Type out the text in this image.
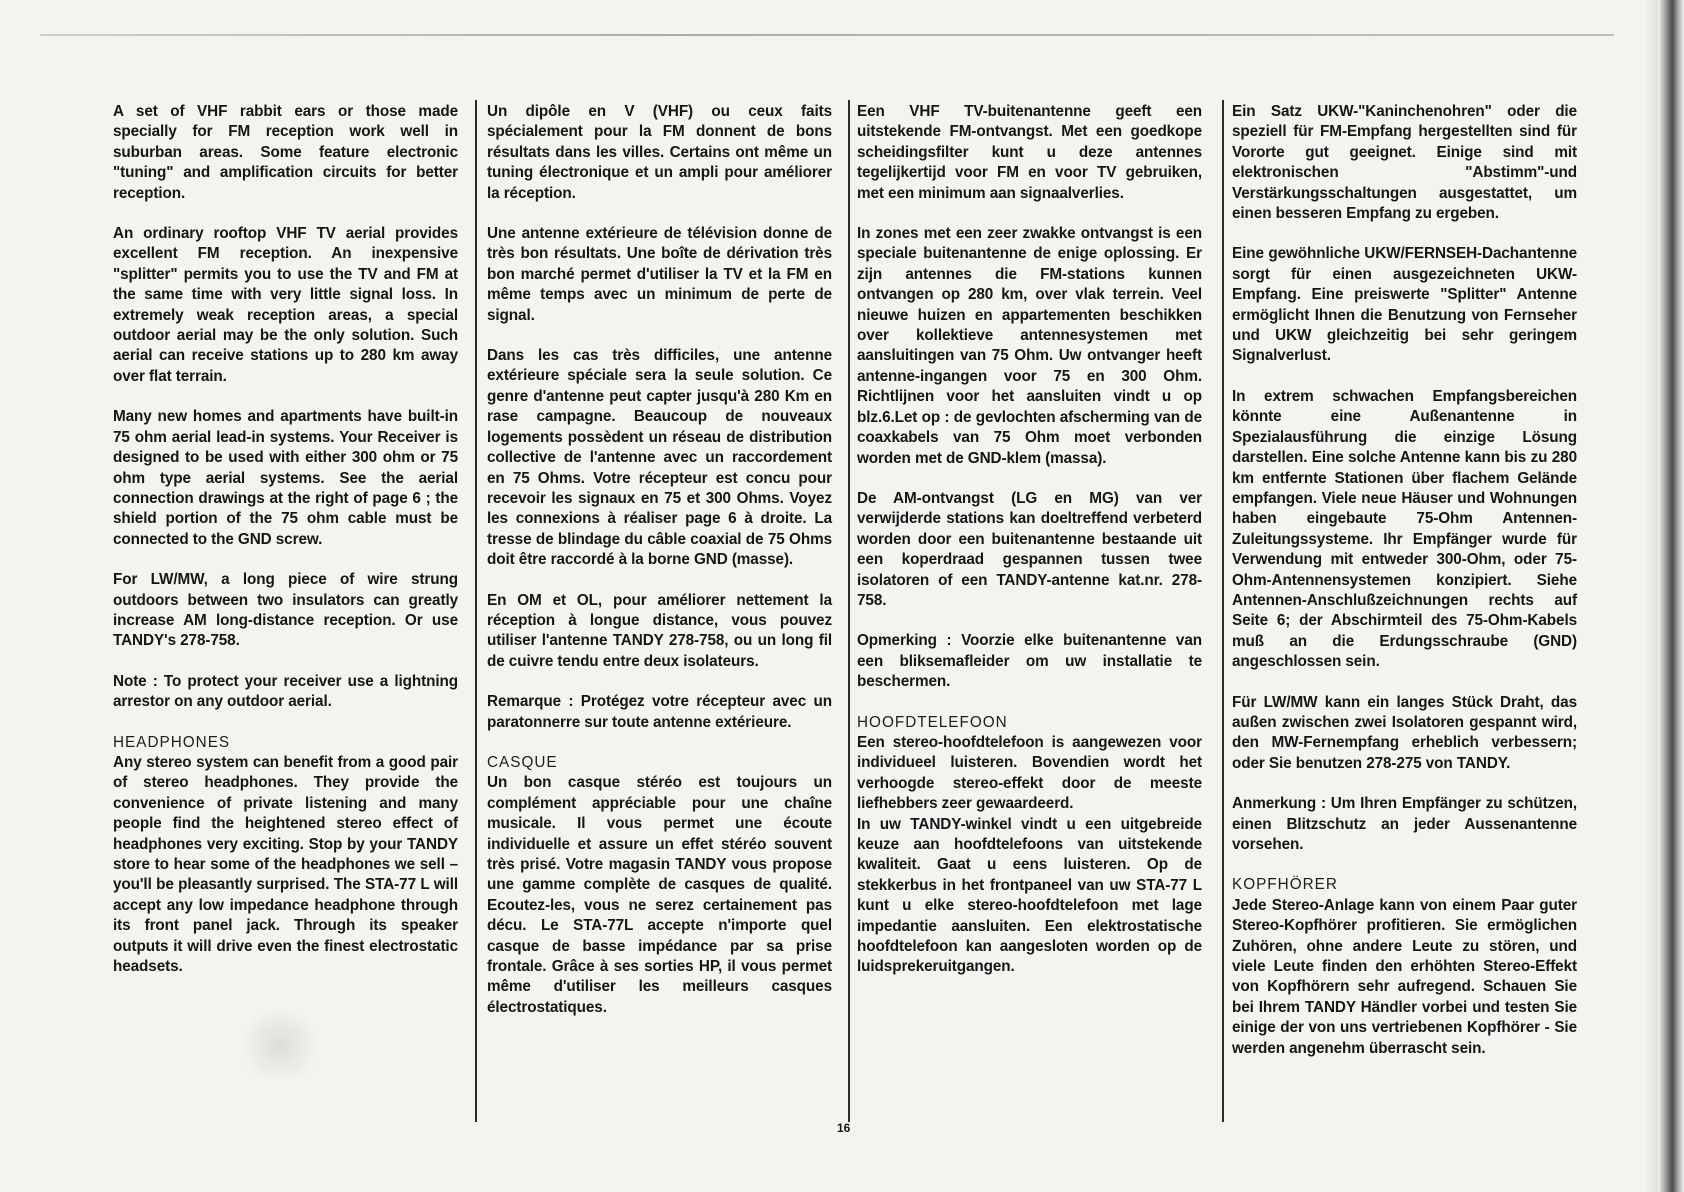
A set of VHF rabbit ears or those made specially for FM reception work well in suburban areas. Some feature electronic "tuning" and amplification circuits for better reception.

An ordinary rooftop VHF TV aerial provides excellent FM reception. An inexpensive "splitter" permits you to use the TV and FM at the same time with very little signal loss. In extremely weak reception areas, a special outdoor aerial may be the only solution. Such aerial can receive stations up to 280 km away over flat terrain.

Many new homes and apartments have built-in 75 ohm aerial lead-in systems. Your Receiver is designed to be used with either 300 ohm or 75 ohm type aerial systems. See the aerial connection drawings at the right of page 6 ; the shield portion of the 75 ohm cable must be connected to the GND screw.

For LW/MW, a long piece of wire strung outdoors between two insulators can greatly increase AM long-distance reception. Or use TANDY's 278-758.

Note : To protect your receiver use a lightning arrestor on any outdoor aerial.

HEADPHONES

Any stereo system can benefit from a good pair of stereo headphones. They provide the convenience of private listening and many people find the heightened stereo effect of headphones very exciting. Stop by your TANDY store to hear some of the headphones we sell – you'll be pleasantly surprised. The STA-77 L will accept any low impedance headphone through its front panel jack. Through its speaker outputs it will drive even the finest electrostatic headsets.

Un dipôle en V (VHF) ou ceux faits spécialement pour la FM donnent de bons résultats dans les villes. Certains ont même un tuning électronique et un ampli pour améliorer la réception.

Une antenne extérieure de télévision donne de très bon résultats. Une boîte de dérivation très bon marché permet d'utiliser la TV et la FM en même temps avec un minimum de perte de signal.

Dans les cas très difficiles, une antenne extérieure spéciale sera la seule solution. Ce genre d'antenne peut capter jusqu'à 280 Km en rase campagne. Beaucoup de nouveaux logements possèdent un réseau de distribution collective de l'antenne avec un raccordement en 75 Ohms. Votre récepteur est concu pour recevoir les signaux en 75 et 300 Ohms. Voyez les connexions à réaliser page 6 à droite. La tresse de blindage du câble coaxial de 75 Ohms doit être raccordé à la borne GND (masse).

En OM et OL, pour améliorer nettement la réception à longue distance, vous pouvez utiliser l'antenne TANDY 278-758, ou un long fil de cuivre tendu entre deux isolateurs.

Remarque : Protégez votre récepteur avec un paratonnerre sur toute antenne extérieure.

CASQUE

Un bon casque stéréo est toujours un complément appréciable pour une chaîne musicale. Il vous permet une écoute individuelle et assure un effet stéréo souvent très prisé. Votre magasin TANDY vous propose une gamme complète de casques de qualité. Ecoutez-les, vous ne serez certainement pas décu. Le STA-77L accepte n'importe quel casque de basse impédance par sa prise frontale. Grâce à ses sorties HP, il vous permet même d'utiliser les meilleurs casques électrostatiques.

Een VHF TV-buitenantenne geeft een uitstekende FM-ontvangst. Met een goedkope scheidingsfilter kunt u deze antennes tegelijkertijd voor FM en voor TV gebruiken, met een minimum aan signaalverlies.

In zones met een zeer zwakke ontvangst is een speciale buitenantenne de enige oplossing. Er zijn antennes die FM-stations kunnen ontvangen op 280 km, over vlak terrein. Veel nieuwe huizen en appartementen beschikken over kollektieve antennesystemen met aansluitingen van 75 Ohm. Uw ontvanger heeft antenne-ingangen voor 75 en 300 Ohm. Richtlijnen voor het aansluiten vindt u op blz.6.Let op : de gevlochten afscherming van de coaxkabels van 75 Ohm moet verbonden worden met de GND-klem (massa).

De AM-ontvangst (LG en MG) van ver verwijderde stations kan doeltreffend verbeterd worden door een buitenantenne bestaande uit een koperdraad gespannen tussen twee isolatoren of een TANDY-antenne kat.nr. 278-758.

Opmerking : Voorzie elke buitenantenne van een bliksemafleider om uw installatie te beschermen.

HOOFDTELEFOON

Een stereo-hoofdtelefoon is aangewezen voor individueel luisteren. Bovendien wordt het verhoogde stereo-effekt door de meeste liefhebbers zeer gewaardeerd.

In uw TANDY-winkel vindt u een uitgebreide keuze aan hoofdtelefoons van uitstekende kwaliteit. Gaat u eens luisteren. Op de stekkerbus in het frontpaneel van uw STA-77 L kunt u elke stereo-hoofdtelefoon met lage impedantie aansluiten. Een elektrostatische hoofdtelefoon kan aangesloten worden op de luidsprekeruitgangen.

Ein Satz UKW-"Kaninchenohren" oder die speziell für FM-Empfang hergestellten sind für Vororte gut geeignet. Einige sind mit elektronischen "Abstimm"-und Verstärkungsschaltungen ausgestattet, um einen besseren Empfang zu ergeben.

Eine gewöhnliche UKW/FERNSEH-Dachantenne sorgt für einen ausgezeichneten UKW-Empfang. Eine preiswerte "Splitter" Antenne ermöglicht Ihnen die Benutzung von Fernseher und UKW gleichzeitig bei sehr geringem Signalverlust.

In extrem schwachen Empfangsbereichen könnte eine Außenantenne in Spezialausführung die einzige Lösung darstellen. Eine solche Antenne kann bis zu 280 km entfernte Stationen über flachem Gelände empfangen. Viele neue Häuser und Wohnungen haben eingebaute 75-Ohm Antennen-Zuleitungssysteme. Ihr Empfänger wurde für Verwendung mit entweder 300-Ohm, oder 75-Ohm-Antennensystemen konzipiert. Siehe Antennen-Anschlußzeichnungen rechts auf Seite 6; der Abschirmteil des 75-Ohm-Kabels muß an die Erdungsschraube (GND) angeschlossen sein.

Für LW/MW kann ein langes Stück Draht, das außen zwischen zwei Isolatoren gespannt wird, den MW-Fernempfang erheblich verbessern; oder Sie benutzen 278-275 von TANDY.

Anmerkung : Um Ihren Empfänger zu schützen, einen Blitzschutz an jeder Aussenantenne vorsehen.

KOPFHÖRER

Jede Stereo-Anlage kann von einem Paar guter Stereo-Kopfhörer profitieren. Sie ermöglichen Zuhören, ohne andere Leute zu stören, und viele Leute finden den erhöhten Stereo-Effekt von Kopfhörern sehr aufregend. Schauen Sie bei Ihrem TANDY Händler vorbei und testen Sie einige der von uns vertriebenen Kopfhörer - Sie werden angenehm überrascht sein.

16
